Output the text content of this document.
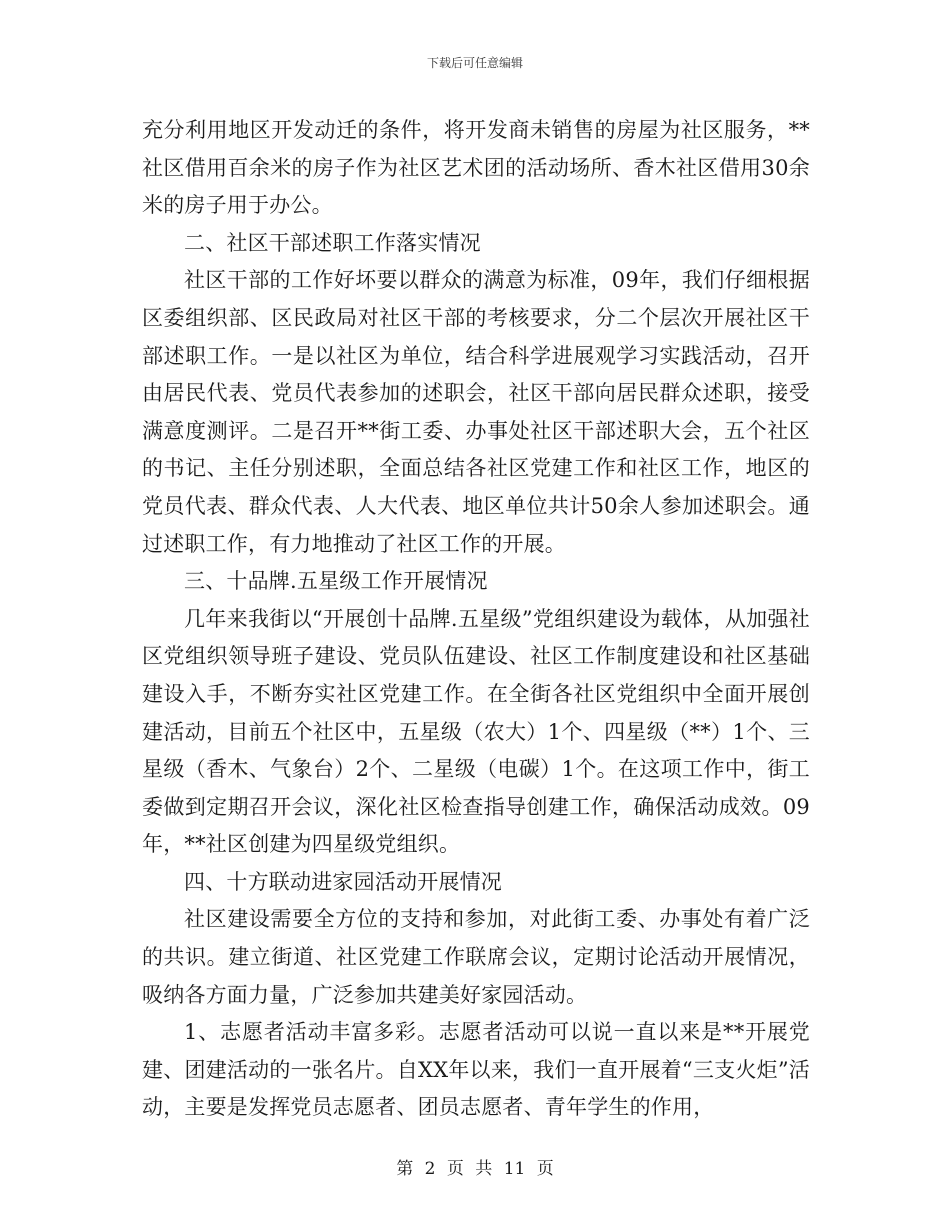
下载后可任意编辑

充分利用地区开发动迁的条件，将开发商未销售的房屋为社区服务，**社区借用百余米的房子作为社区艺术团的活动场所、香木社区借用30余米的房子用于办公。

二、社区干部述职工作落实情况

社区干部的工作好坏要以群众的满意为标准，09年，我们仔细根据区委组织部、区民政局对社区干部的考核要求，分二个层次开展社区干部述职工作。一是以社区为单位，结合科学进展观学习实践活动，召开由居民代表、党员代表参加的述职会，社区干部向居民群众述职，接受满意度测评。二是召开**街工委、办事处社区干部述职大会，五个社区的书记、主任分别述职，全面总结各社区党建工作和社区工作，地区的党员代表、群众代表、人大代表、地区单位共计50余人参加述职会。通过述职工作，有力地推动了社区工作的开展。

三、十品牌.五星级工作开展情况

几年来我街以“开展创十品牌.五星级”党组织建设为载体，从加强社区党组织领导班子建设、党员队伍建设、社区工作制度建设和社区基础建设入手，不断夯实社区党建工作。在全街各社区党组织中全面开展创建活动，目前五个社区中，五星级（农大）1个、四星级（**）1个、三星级（香木、气象台）2个、二星级（电碳）1个。在这项工作中，街工委做到定期召开会议，深化社区检查指导创建工作，确保活动成效。09年，**社区创建为四星级党组织。

四、十方联动进家园活动开展情况

社区建设需要全方位的支持和参加，对此街工委、办事处有着广泛的共识。建立街道、社区党建工作联席会议，定期讨论活动开展情况，吸纳各方面力量，广泛参加共建美好家园活动。

1、志愿者活动丰富多彩。志愿者活动可以说一直以来是**开展党建、团建活动的一张名片。自XX年以来，我们一直开展着“三支火炬”活动，主要是发挥党员志愿者、团员志愿者、青年学生的作用，

第 2 页 共 11 页
